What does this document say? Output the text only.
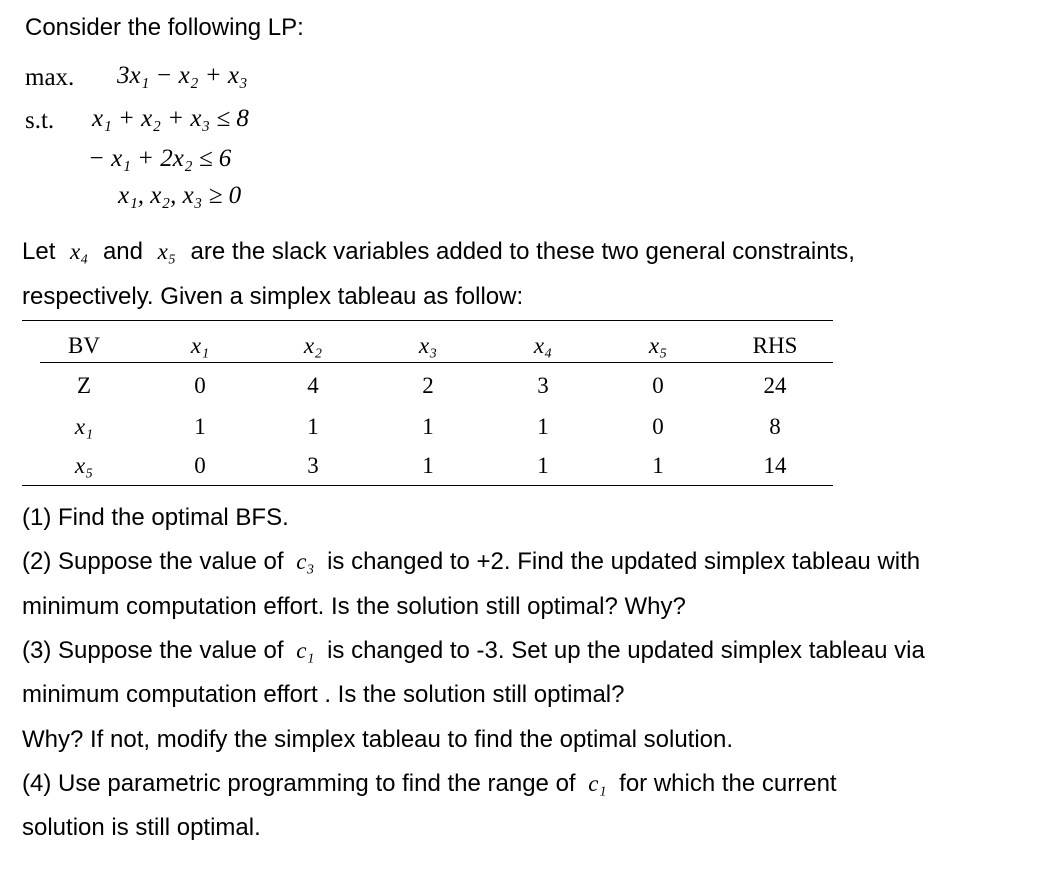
Consider the following LP:
max. 3x₁ − x₂ + x₃
s.t. x₁ + x₂ + x₃ ≤ 8
− x₁ + 2x₂ ≤ 6
x₁, x₂, x₃ ≥ 0
Let x₄ and x₅ are the slack variables added to these two general constraints,
respectively. Given a simplex tableau as follow:
BV	x₁	x₂	x₃	x₄	x₅	RHS
Z	0	4	2	3	0	24
x₁	1	1	1	1	0	8
x₅	0	3	1	1	1	14
(1) Find the optimal BFS.
(2) Suppose the value of c₃ is changed to +2. Find the updated simplex tableau with
minimum computation effort. Is the solution still optimal? Why?
(3) Suppose the value of c₁ is changed to -3. Set up the updated simplex tableau via
minimum computation effort . Is the solution still optimal?
Why? If not, modify the simplex tableau to find the optimal solution.
(4) Use parametric programming to find the range of c₁ for which the current
solution is still optimal.
